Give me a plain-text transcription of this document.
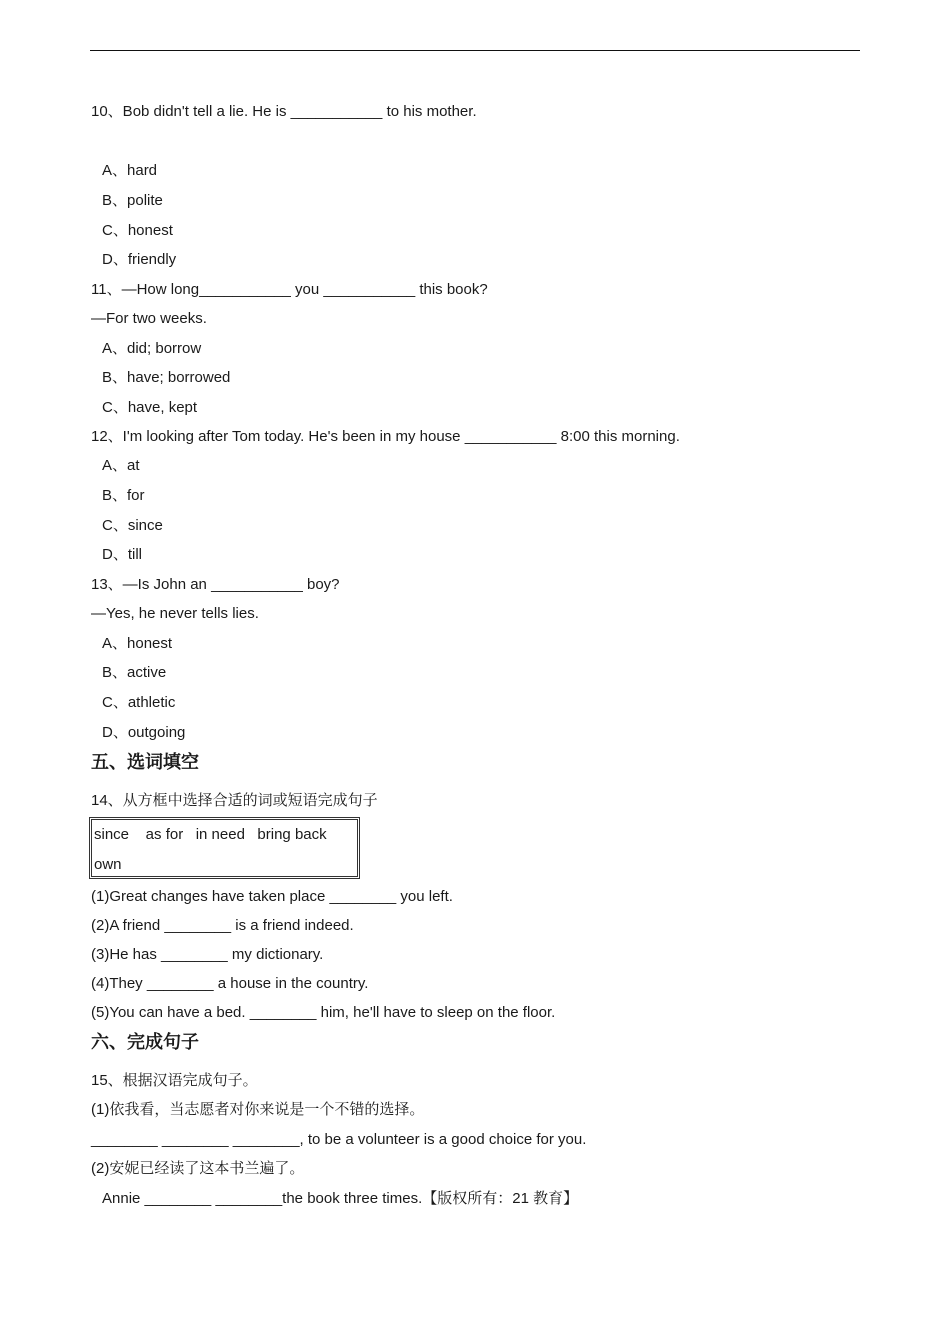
10、Bob didn't tell a lie. He is ___________ to his mother.
A、hard
B、polite
C、honest
D、friendly
11、—How long___________ you ___________ this book?
—For two weeks.
A、did; borrow
B、have; borrowed
C、have, kept
12、I'm looking after Tom today. He's been in my house ___________ 8:00 this morning.
A、at
B、for
C、since
D、till
13、—Is John an ___________ boy?
—Yes, he never tells lies.
A、honest
B、active
C、athletic
D、outgoing
五、选词填空
14、从方框中选择合适的词或短语完成句子
since    as for   in need   bring back
own
(1)Great changes have taken place ________ you left.
(2)A friend ________ is a friend indeed.
(3)He has ________ my dictionary.
(4)They ________ a house in the country.
(5)You can have a bed. ________ him, he'll have to sleep on the floor.
六、完成句子
15、根据汉语完成句子。
(1)依我看，当志愿者对你来说是一个不错的选择。
________ ________ ________, to be a volunteer is a good choice for you.
(2)安妮已经读了这本书兰遍了。
Annie ________ ________the book three times.【版权所有：21 教育】
